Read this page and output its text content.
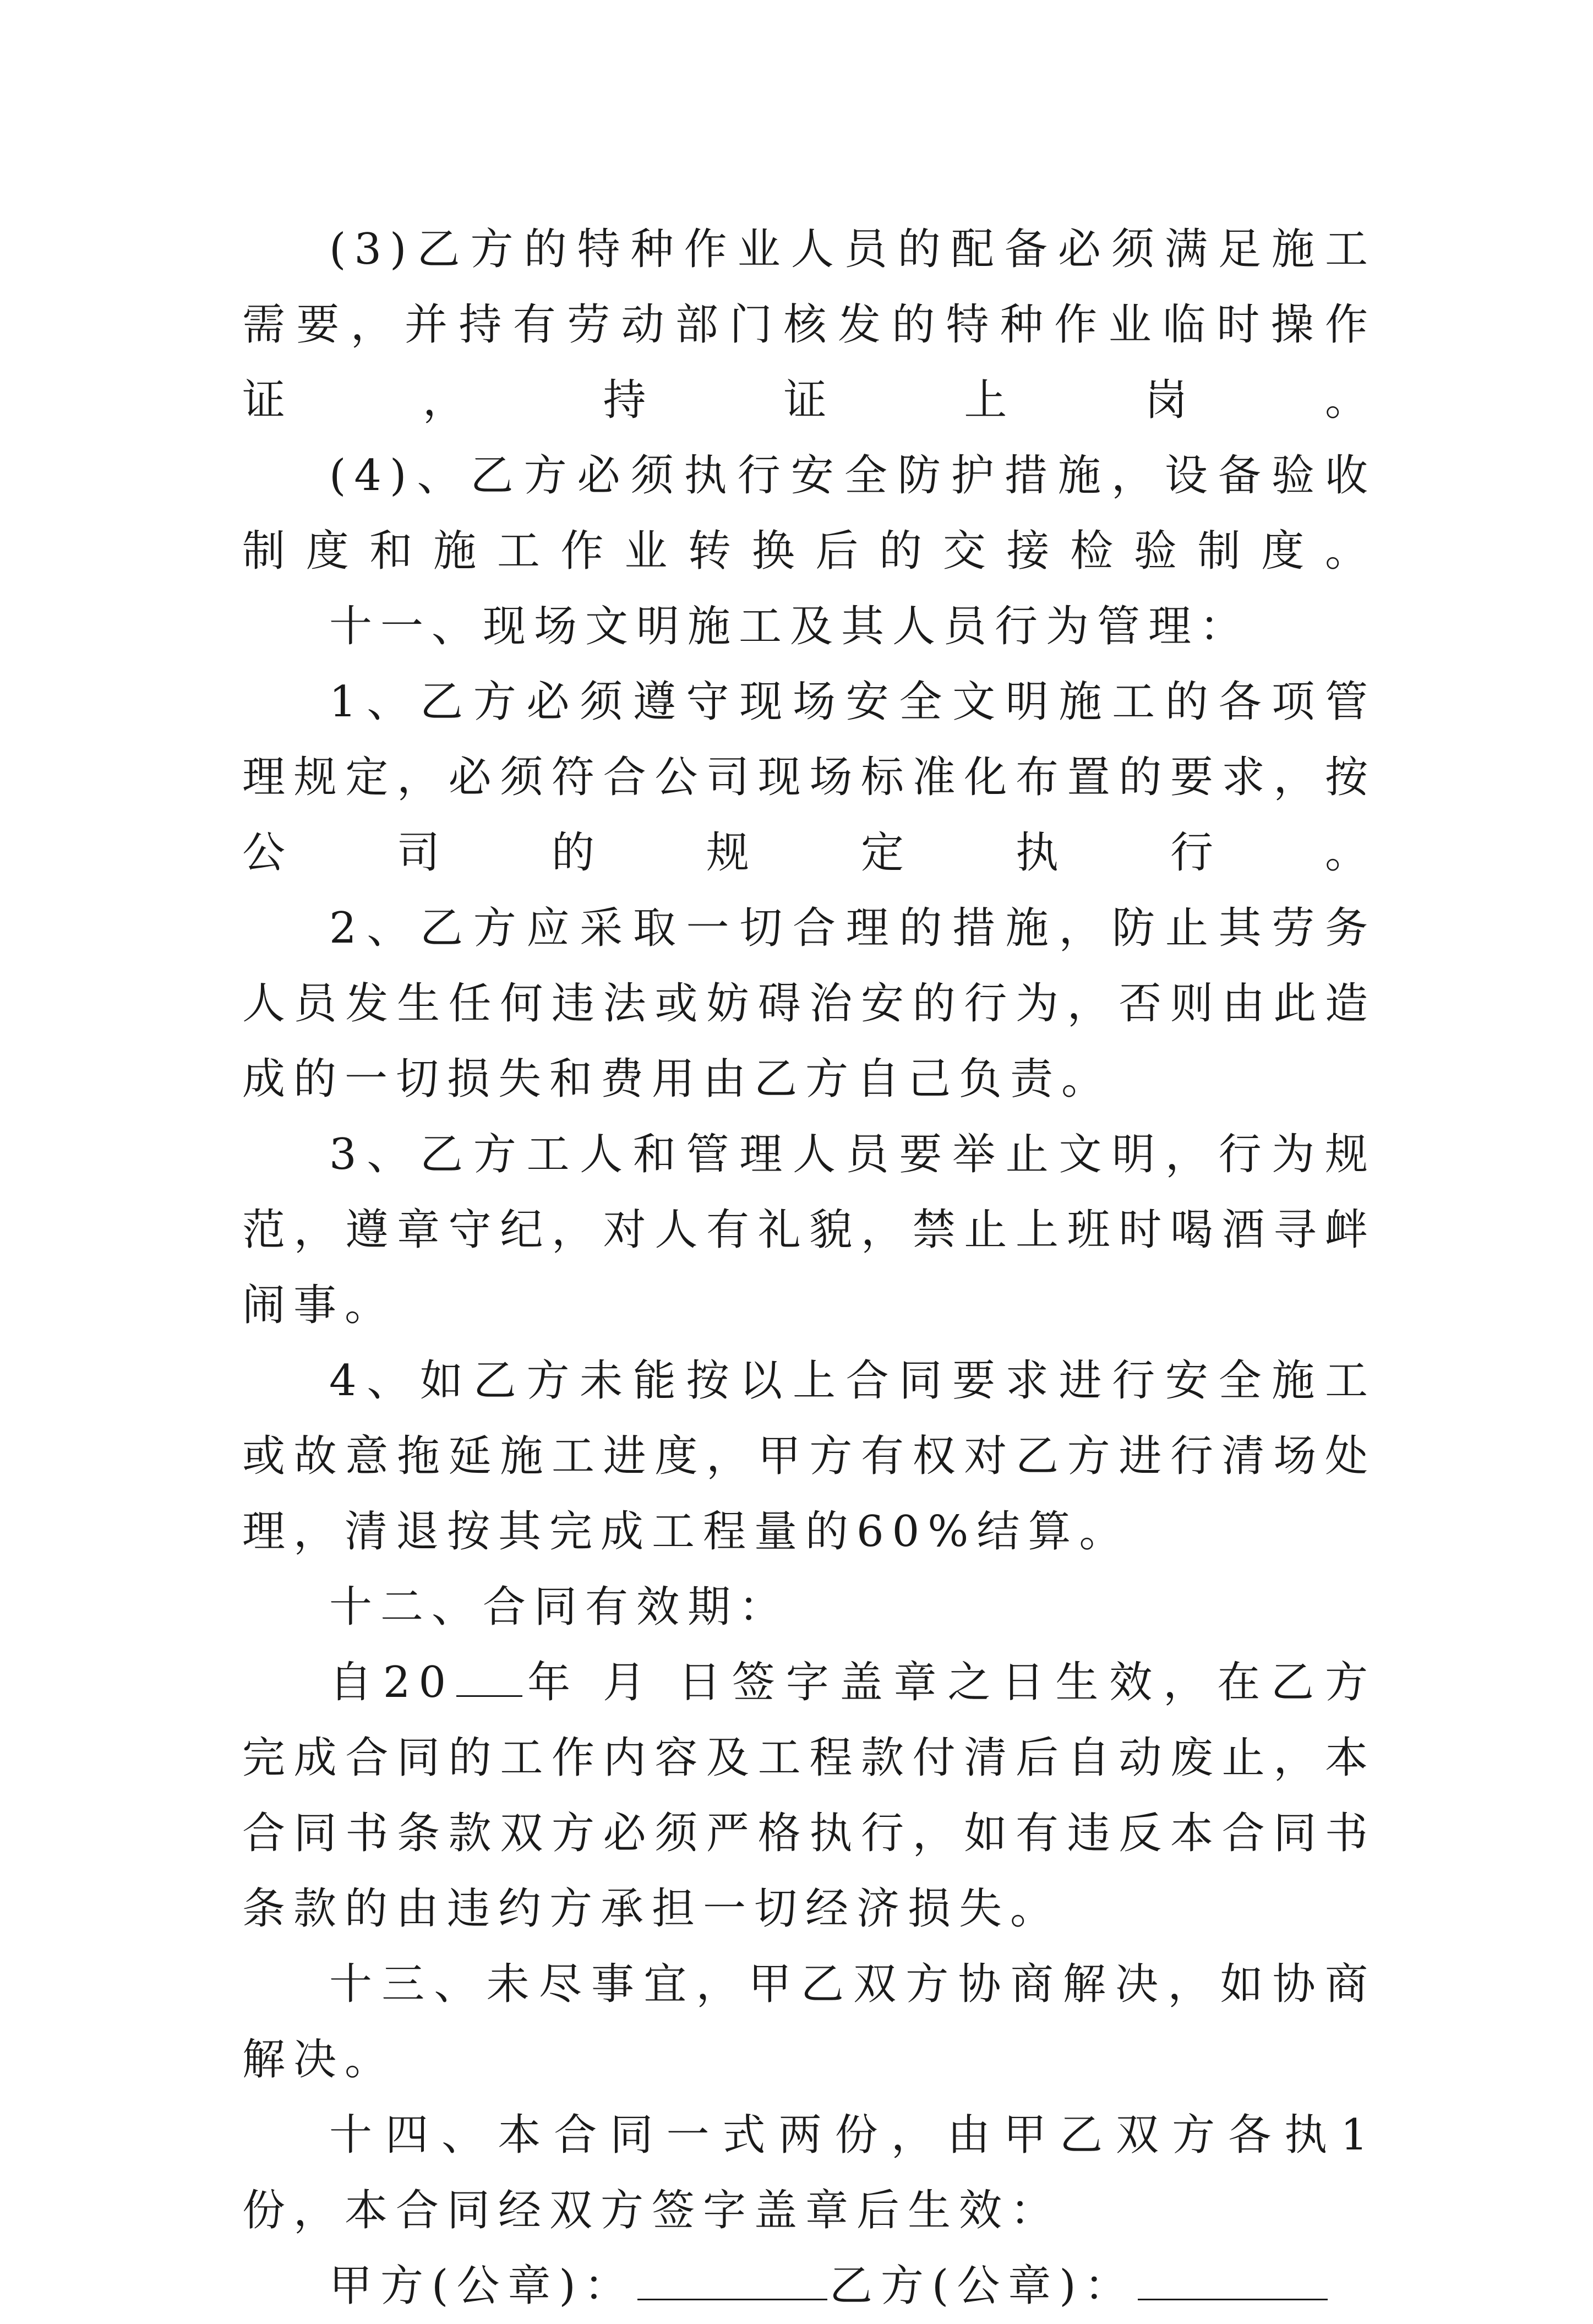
(3)乙方的特种作业人员的配备必须满足施工需要，并持有劳动部门核发的特种作业临时操作证，持证上岗。

(4)、乙方必须执行安全防护措施，设备验收制度和施工作业转换后的交接检验制度。

十一、现场文明施工及其人员行为管理：

1、乙方必须遵守现场安全文明施工的各项管理规定，必须符合公司现场标准化布置的要求，按公司的规定执行。

2、乙方应采取一切合理的措施，防止其劳务人员发生任何违法或妨碍治安的行为，否则由此造成的一切损失和费用由乙方自己负责。

3、乙方工人和管理人员要举止文明，行为规范，遵章守纪，对人有礼貌，禁止上班时喝酒寻衅闹事。

4、如乙方未能按以上合同要求进行安全施工或故意拖延施工进度，甲方有权对乙方进行清场处理，清退按其完成工程量的60%结算。

十二、合同有效期：

自20 年 月 日签字盖章之日生效，在乙方完成合同的工作内容及工程款付清后自动废止，本合同书条款双方必须严格执行，如有违反本合同书条款的由违约方承担一切经济损失。

十三、未尽事宜，甲乙双方协商解决，如协商解决。

十四、本合同一式两份，由甲乙双方各执1份，本合同经双方签字盖章后生效：

甲方(公章)：	乙方(公章)：
